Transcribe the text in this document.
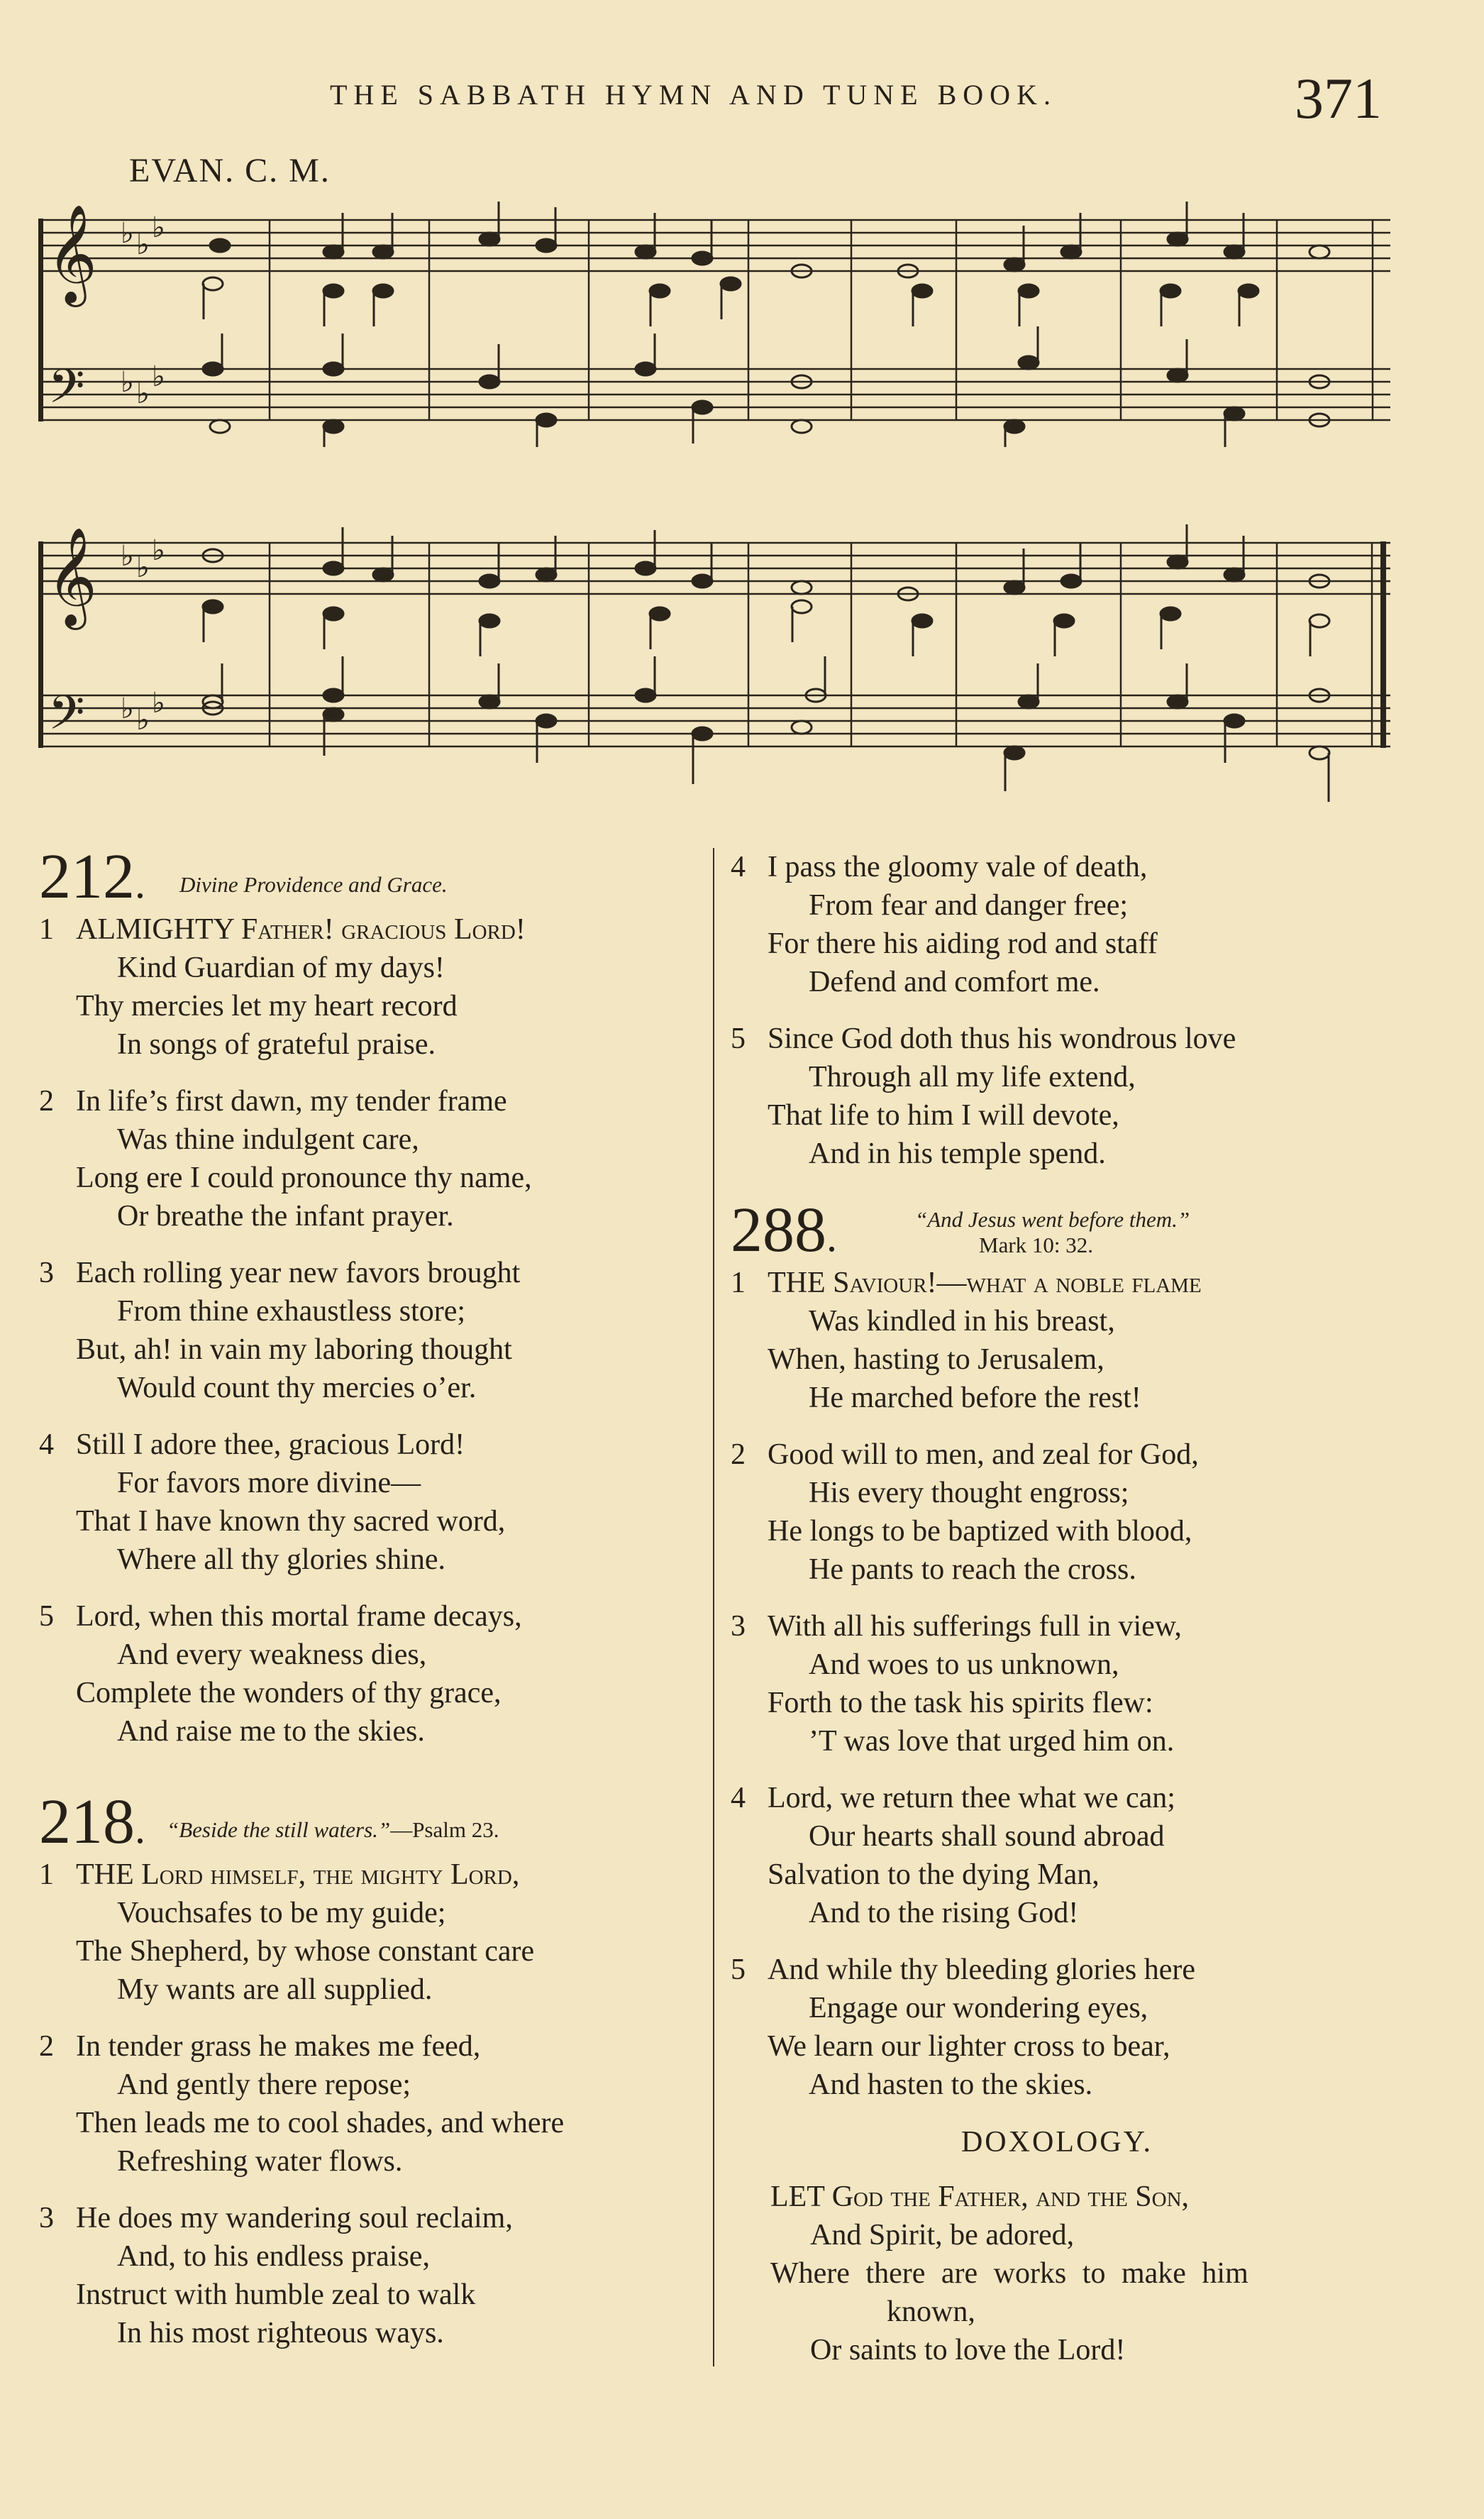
THE SABBATH HYMN AND TUNE BOOK.	371
EVAN. C. M.
𝄞
𝄢
♭ ♭
♭
♭ ♭
♭
𝄞
𝄢
♭ ♭
♭
♭ ♭
♭
212. Divine Providence and Grace.
1 ALMIGHTY Father! gracious Lord!
Kind Guardian of my days!
Thy mercies let my heart record
In songs of grateful praise.
2 In life’s first dawn, my tender frame
Was thine indulgent care,
Long ere I could pronounce thy name,
Or breathe the infant prayer.
3 Each rolling year new favors brought
From thine exhaustless store;
But, ah! in vain my laboring thought
Would count thy mercies o’er.
4 Still I adore thee, gracious Lord!
For favors more divine—
That I have known thy sacred word,
Where all thy glories shine.
5 Lord, when this mortal frame decays,
And every weakness dies,
Complete the wonders of thy grace,
And raise me to the skies.
218. “Beside the still waters.”—Psalm 23.
1 THE Lord himself, the mighty Lord,
Vouchsafes to be my guide;
The Shepherd, by whose constant care
My wants are all supplied.
2 In tender grass he makes me feed,
And gently there repose;
Then leads me to cool shades, and where
Refreshing water flows.
3 He does my wandering soul reclaim,
And, to his endless praise,
Instruct with humble zeal to walk
In his most righteous ways.
4 I pass the gloomy vale of death,
From fear and danger free;
For there his aiding rod and staff
Defend and comfort me.
5 Since God doth thus his wondrous love
Through all my life extend,
That life to him I will devote,
And in his temple spend.
288.	“And Jesus went before them.”
Mark 10: 32.
1 THE Saviour!—what a noble flame
Was kindled in his breast,
When, hasting to Jerusalem,
He marched before the rest!
2 Good will to men, and zeal for God,
His every thought engross;
He longs to be baptized with blood,
He pants to reach the cross.
3 With all his sufferings full in view,
And woes to us unknown,
Forth to the task his spirits flew:
’T was love that urged him on.
4 Lord, we return thee what we can;
Our hearts shall sound abroad
Salvation to the dying Man,
And to the rising God!
5 And while thy bleeding glories here
Engage our wondering eyes,
We learn our lighter cross to bear,
And hasten to the skies.
DOXOLOGY.
LET God the Father, and the Son,
And Spirit, be adored,
Where there are works to make him
known,
Or saints to love the Lord!
